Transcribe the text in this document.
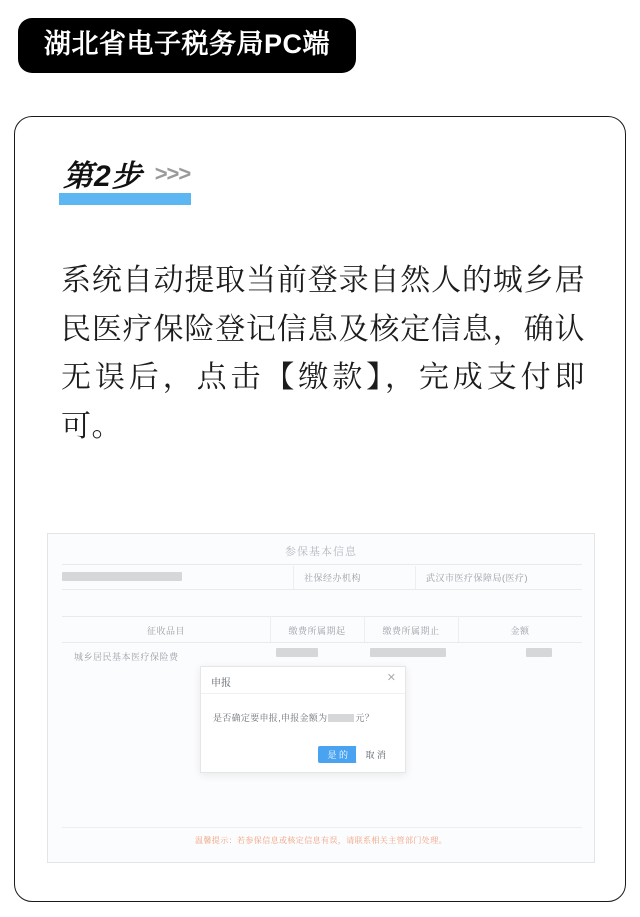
湖北省电子税务局PC端
第2步 >>>
系统自动提取当前登录自然人的城乡居民医疗保险登记信息及核定信息，确认无误后，点击【缴款】，完成支付即可。
参保基本信息
社保经办机构	武汉市医疗保障局(医疗)
征收品目	缴费所属期起	缴费所属期止	金额
城乡居民基本医疗保险费
申报	✕
是否确定要申报,申报金额为	元？
是 的	取 消
温馨提示：若参保信息或核定信息有误，请联系相关主管部门处理。
